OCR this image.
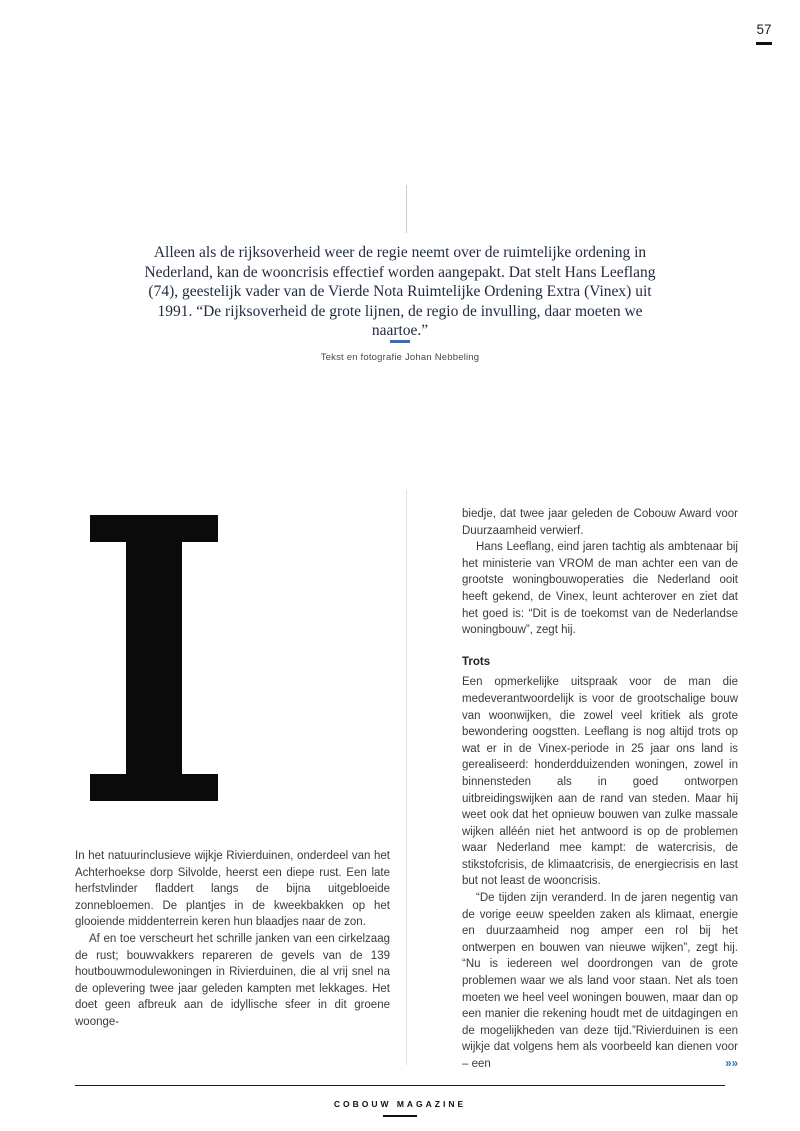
57
Alleen als de rijksoverheid weer de regie neemt over de ruimtelijke ordening in Nederland, kan de wooncrisis effectief worden aangepakt. Dat stelt Hans Leeflang (74), geestelijk vader van de Vierde Nota Ruimtelijke Ordening Extra (Vinex) uit 1991. “De rijksoverheid de grote lijnen, de regio de invulling, daar moeten we naartoe.”
Tekst en fotografie Johan Nebbeling

In het natuurinclusieve wijkje Rivierduinen, onderdeel van het Achterhoekse dorp Silvolde, heerst een diepe rust. Een late herfstvlinder fladdert langs de bijna uitgebloeide zonnebloemen. De plantjes in de kweekbakken op het glooiende middenterrein keren hun blaadjes naar de zon.

Af en toe verscheurt het schrille janken van een cirkelzaag de rust; bouwvakkers repareren de gevels van de 139 houtbouwmodulewoningen in Rivierduinen, die al vrij snel na de oplevering twee jaar geleden kampten met lekkages. Het doet geen afbreuk aan de idyllische sfeer in dit groene woonge-

biedje, dat twee jaar geleden de Cobouw Award voor Duurzaamheid verwierf.

Hans Leeflang, eind jaren tachtig als ambtenaar bij het ministerie van VROM de man achter een van de grootste woningbouwoperaties die Nederland ooit heeft gekend, de Vinex, leunt achterover en ziet dat het goed is: “Dit is de toekomst van de Nederlandse woningbouw”, zegt hij.

Trots

Een opmerkelijke uitspraak voor de man die medeverantwoordelijk is voor de grootschalige bouw van woonwijken, die zowel veel kritiek als grote bewondering oogstten. Leeflang is nog altijd trots op wat er in de Vinex-periode in 25 jaar ons land is gerealiseerd: honderdduizenden woningen, zowel in binnensteden als in goed ontworpen uitbreidingswijken aan de rand van steden. Maar hij weet ook dat het opnieuw bouwen van zulke massale wijken alléén niet het antwoord is op de problemen waar Nederland mee kampt: de watercrisis, de stikstofcrisis, de klimaatcrisis, de energiecrisis en last but not least de wooncrisis.

“De tijden zijn veranderd. In de jaren negentig van de vorige eeuw speelden zaken als klimaat, energie en duurzaamheid nog amper een rol bij het ontwerpen en bouwen van nieuwe wijken”, zegt hij. “Nu is iedereen wel doordrongen van de grote problemen waar we als land voor staan. Net als toen moeten we heel veel woningen bouwen, maar dan op een manier die rekening houdt met de uitdagingen en de mogelijkheden van deze tijd.”Rivierduinen is een wijkje dat volgens hem als voorbeeld kan dienen voor – een	»»

COBOUW MAGAZINE
